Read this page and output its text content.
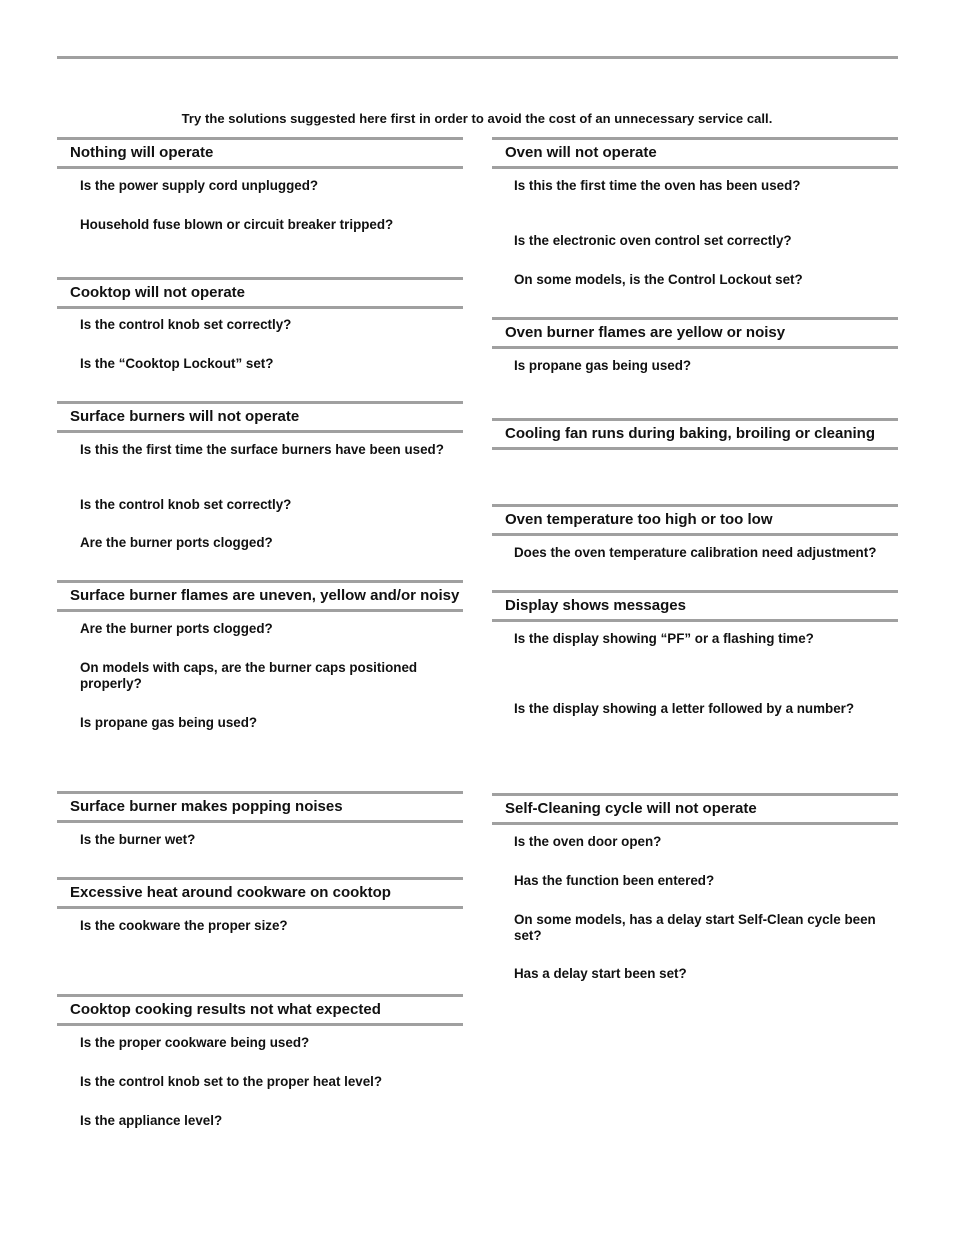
Try the solutions suggested here first in order to avoid the cost of an unnecessary service call.
Nothing will operate
Is the power supply cord unplugged?
Household fuse blown or circuit breaker tripped?
Cooktop will not operate
Is the control knob set correctly?
Is the “Cooktop Lockout” set?
Surface burners will not operate
Is this the first time the surface burners have been used?
Is the control knob set correctly?
Are the burner ports clogged?
Surface burner flames are uneven, yellow and/or noisy
Are the burner ports clogged?
On models with caps, are the burner caps positioned properly?
Is propane gas being used?
Surface burner makes popping noises
Is the burner wet?
Excessive heat around cookware on cooktop
Is the cookware the proper size?
Cooktop cooking results not what expected
Is the proper cookware being used?
Is the control knob set to the proper heat level?
Is the appliance level?
Oven will not operate
Is this the first time the oven has been used?
Is the electronic oven control set correctly?
On some models, is the Control Lockout set?
Oven burner flames are yellow or noisy
Is propane gas being used?
Cooling fan runs during baking, broiling or cleaning
Oven temperature too high or too low
Does the oven temperature calibration need adjustment?
Display shows messages
Is the display showing “PF” or a flashing time?
Is the display showing a letter followed by a number?
Self-Cleaning cycle will not operate
Is the oven door open?
Has the function been entered?
On some models, has a delay start Self-Clean cycle been set?
Has a delay start been set?
